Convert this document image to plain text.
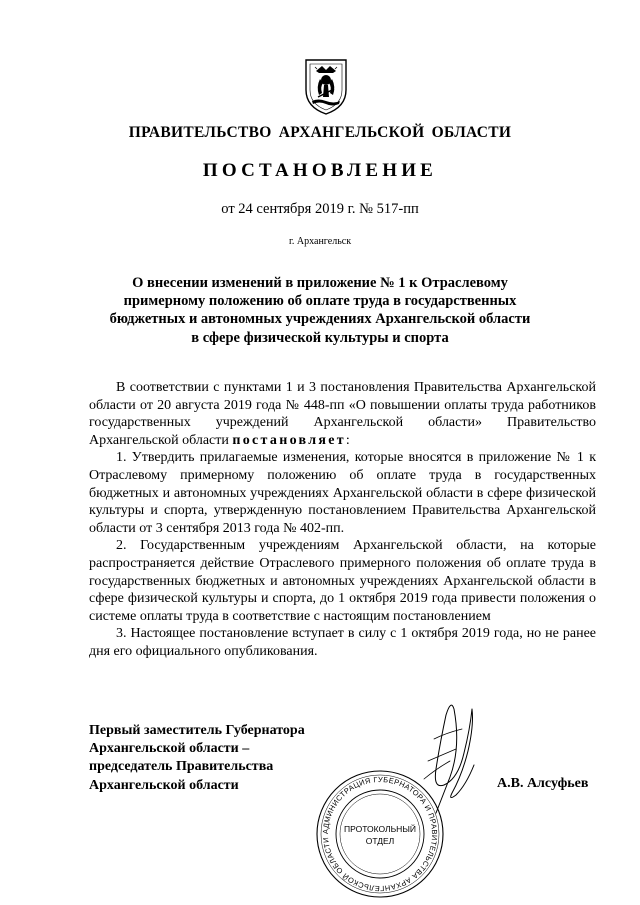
ПРАВИТЕЛЬСТВО АРХАНГЕЛЬСКОЙ ОБЛАСТИ
ПОСТАНОВЛЕНИЕ
от 24 сентября 2019 г. № 517-пп
г. Архангельск
О внесении изменений в приложение № 1 к Отраслевому
примерному положению об оплате труда в государственных
бюджетных и автономных учреждениях Архангельской области
в сфере физической культуры и спорта

В соответствии с пунктами 1 и 3 постановления Правительства Архангельской области от 20 августа 2019 года № 448-пп «О повышении оплаты труда работников государственных учреждений Архангельской области» Правительство Архангельской области постановляет:

1. Утвердить прилагаемые изменения, которые вносятся в приложение № 1 к Отраслевому примерному положению об оплате труда в государственных бюджетных и автономных учреждениях Архангельской области в сфере физической культуры и спорта, утвержденную постановлением Правительства Архангельской области от 3 сентября 2013 года № 402-пп.

2. Государственным учреждениям Архангельской области, на которые распространяется действие Отраслевого примерного положения об оплате труда в государственных бюджетных и автономных учреждениях Архангельской области в сфере физической культуры и спорта, до 1 октября 2019 года привести положения о системе оплаты труда в соответствие с настоящим постановлением

3. Настоящее постановление вступает в силу с 1 октября 2019 года, но не ранее дня его официального опубликования.

Первый заместитель Губернатора
Архангельской области –
председатель Правительства
Архангельской области	А.В. Алсуфьев
АДМИНИСТРАЦИЯ ГУБЕРНАТОРА И ПРАВИТЕЛЬСТВА АРХАНГЕЛЬСКОЙ ОБЛАСТИ
ПРОТОКОЛЬНЫЙ
ОТДЕЛ
